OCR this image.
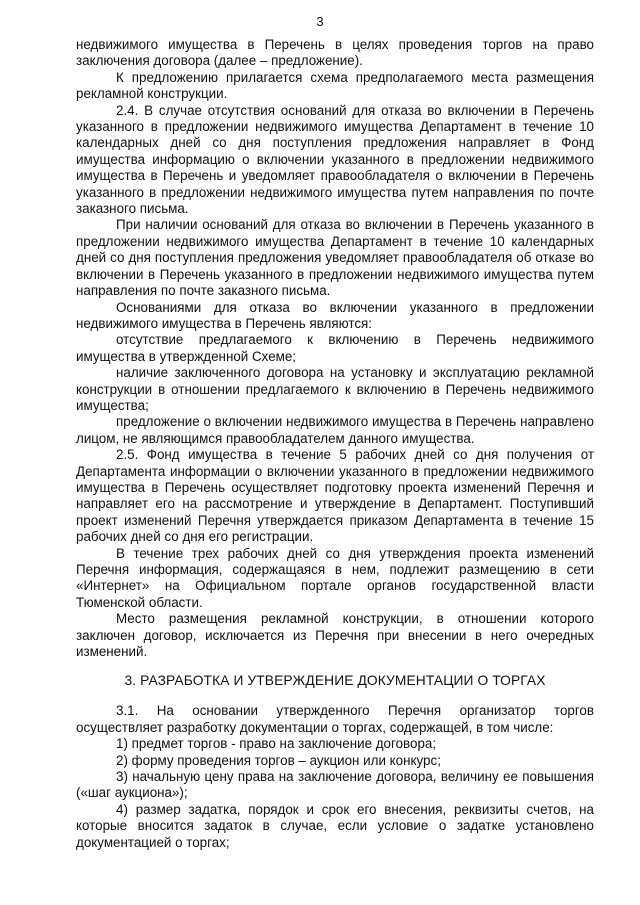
3

недвижимого имущества в Перечень в целях проведения торгов на право заключения договора (далее – предложение).

К предложению прилагается схема предполагаемого места размещения рекламной конструкции.

2.4. В случае отсутствия оснований для отказа во включении в Перечень указанного в предложении недвижимого имущества Департамент в течение 10 календарных дней со дня поступления предложения направляет в Фонд имущества информацию о включении указанного в предложении недвижимого имущества в Перечень и уведомляет правообладателя о включении в Перечень указанного в предложении недвижимого имущества путем направления по почте заказного письма.

При наличии оснований для отказа во включении в Перечень указанного в предложении недвижимого имущества Департамент в течение 10 календарных дней со дня поступления предложения уведомляет правообладателя об отказе во включении в Перечень указанного в предложении недвижимого имущества путем направления по почте заказного письма.

Основаниями для отказа во включении указанного в предложении недвижимого имущества в Перечень являются:

отсутствие предлагаемого к включению в Перечень недвижимого имущества в утвержденной Схеме;

наличие заключенного договора на установку и эксплуатацию рекламной конструкции в отношении предлагаемого к включению в Перечень недвижимого имущества;

предложение о включении недвижимого имущества в Перечень направлено лицом, не являющимся правообладателем данного имущества.

2.5. Фонд имущества в течение 5 рабочих дней со дня получения от Департамента информации о включении указанного в предложении недвижимого имущества в Перечень осуществляет подготовку проекта изменений Перечня и направляет его на рассмотрение и утверждение в Департамент. Поступивший проект изменений Перечня утверждается приказом Департамента в течение 15 рабочих дней со дня его регистрации.

В течение трех рабочих дней со дня утверждения проекта изменений Перечня информация, содержащаяся в нем, подлежит размещению в сети «Интернет» на Официальном портале органов государственной власти Тюменской области.

Место размещения рекламной конструкции, в отношении которого заключен договор, исключается из Перечня при внесении в него очередных изменений.

3. РАЗРАБОТКА И УТВЕРЖДЕНИЕ ДОКУМЕНТАЦИИ О ТОРГАХ

3.1. На основании утвержденного Перечня организатор торгов осуществляет разработку документации о торгах, содержащей, в том числе:

1) предмет торгов - право на заключение договора;

2) форму проведения торгов – аукцион или конкурс;

3) начальную цену права на заключение договора, величину ее повышения («шаг аукциона»);

4) размер задатка, порядок и срок его внесения, реквизиты счетов, на которые вносится задаток в случае, если условие о задатке установлено документацией о торгах;
